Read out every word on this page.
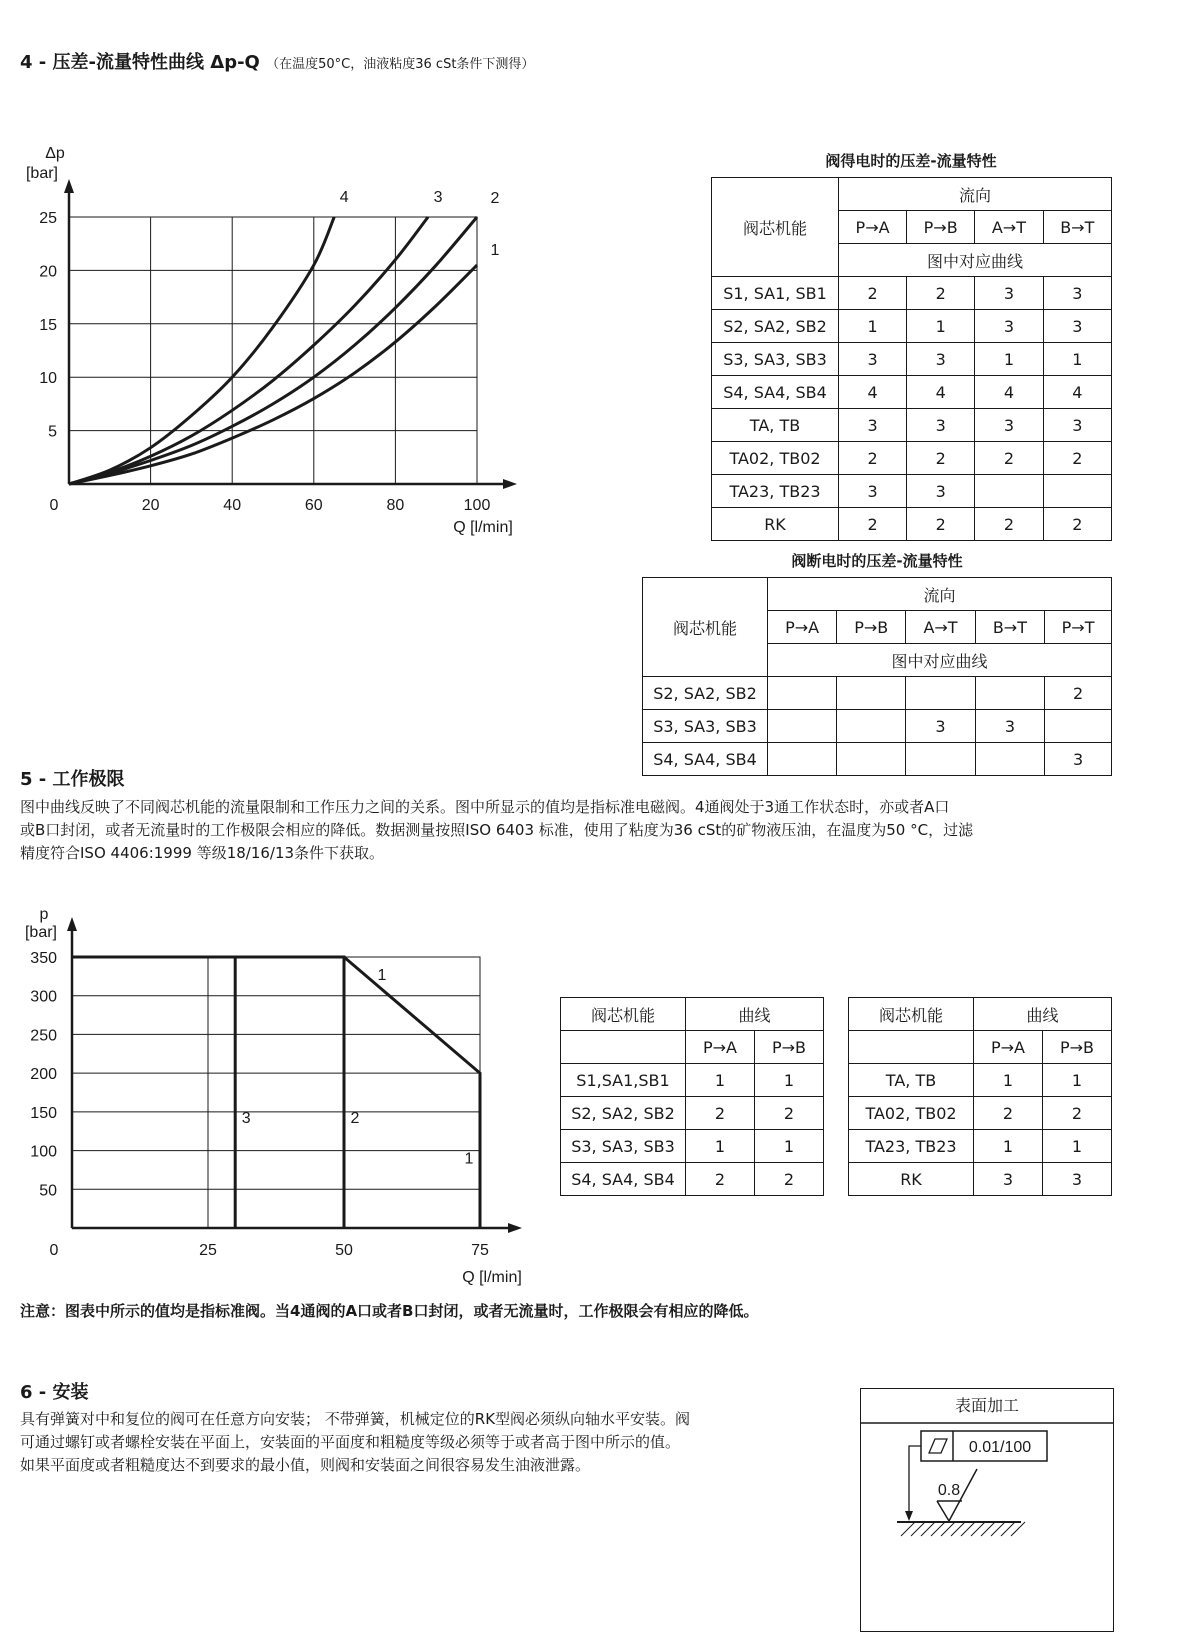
4 - 压差-流量特性曲线 Δp-Q （在温度50°C，油液粘度36 cSt条件下测得）
20	40	60	80	100
5
10
15
20
25
Δp
[bar]
Q [l/min]
0
1
2
3
4
阀得电时的压差-流量特性
阀芯机能	流向			
	P→A	P→B	A→T	B→T
	图中对应曲线			
S1, SA1, SB1	2	2	3	3
S2, SA2, SB2	1	1	3	3
S3, SA3, SB3	3	3	1	1
S4, SA4, SB4	4	4	4	4
TA, TB	3	3	3	3
TA02, TB02	2	2	2	2
TA23, TB23	3	3		
RK	2	2	2	2
阀断电时的压差-流量特性
阀芯机能	流向				
	P→A	P→B	A→T	B→T	P→T
	图中对应曲线				
S2, SA2, SB2					2
S3, SA3, SB3			3	3	
S4, SA4, SB4					3
5 - 工作极限
图中曲线反映了不同阀芯机能的流量限制和工作压力之间的关系。图中所显示的值均是指标准电磁阀。4通阀处于3通工作状态时，亦或者A口
或B口封闭，或者无流量时的工作极限会相应的降低。数据测量按照ISO 6403 标准，使用了粘度为36 cSt的矿物液压油，在温度为50 °C，过滤
精度符合ISO 4406:1999 等级18/16/13条件下获取。
25	50	75
50
100
150
200
250
300
350
p
[bar]
Q [l/min]
0
1
1
2
3
阀芯机能	曲线	
	P→A	P→B
S1,SA1,SB1	1	1
S2, SA2, SB2	2	2
S3, SA3, SB3	1	1
S4, SA4, SB4	2	2
阀芯机能	曲线	
	P→A	P→B
TA, TB	1	1
TA02, TB02	2	2
TA23, TB23	1	1
RK	3	3
注意：图表中所示的值均是指标准阀。当4通阀的A口或者B口封闭，或者无流量时，工作极限会有相应的降低。
6 - 安装
具有弹簧对中和复位的阀可在任意方向安装； 不带弹簧，机械定位的RK型阀必须纵向轴水平安装。阀
可通过螺钉或者螺栓安装在平面上，安装面的平面度和粗糙度等级必须等于或者高于图中所示的值。
如果平面度或者粗糙度达不到要求的最小值，则阀和安装面之间很容易发生油液泄露。
表面加工
0.01/100
0.8
